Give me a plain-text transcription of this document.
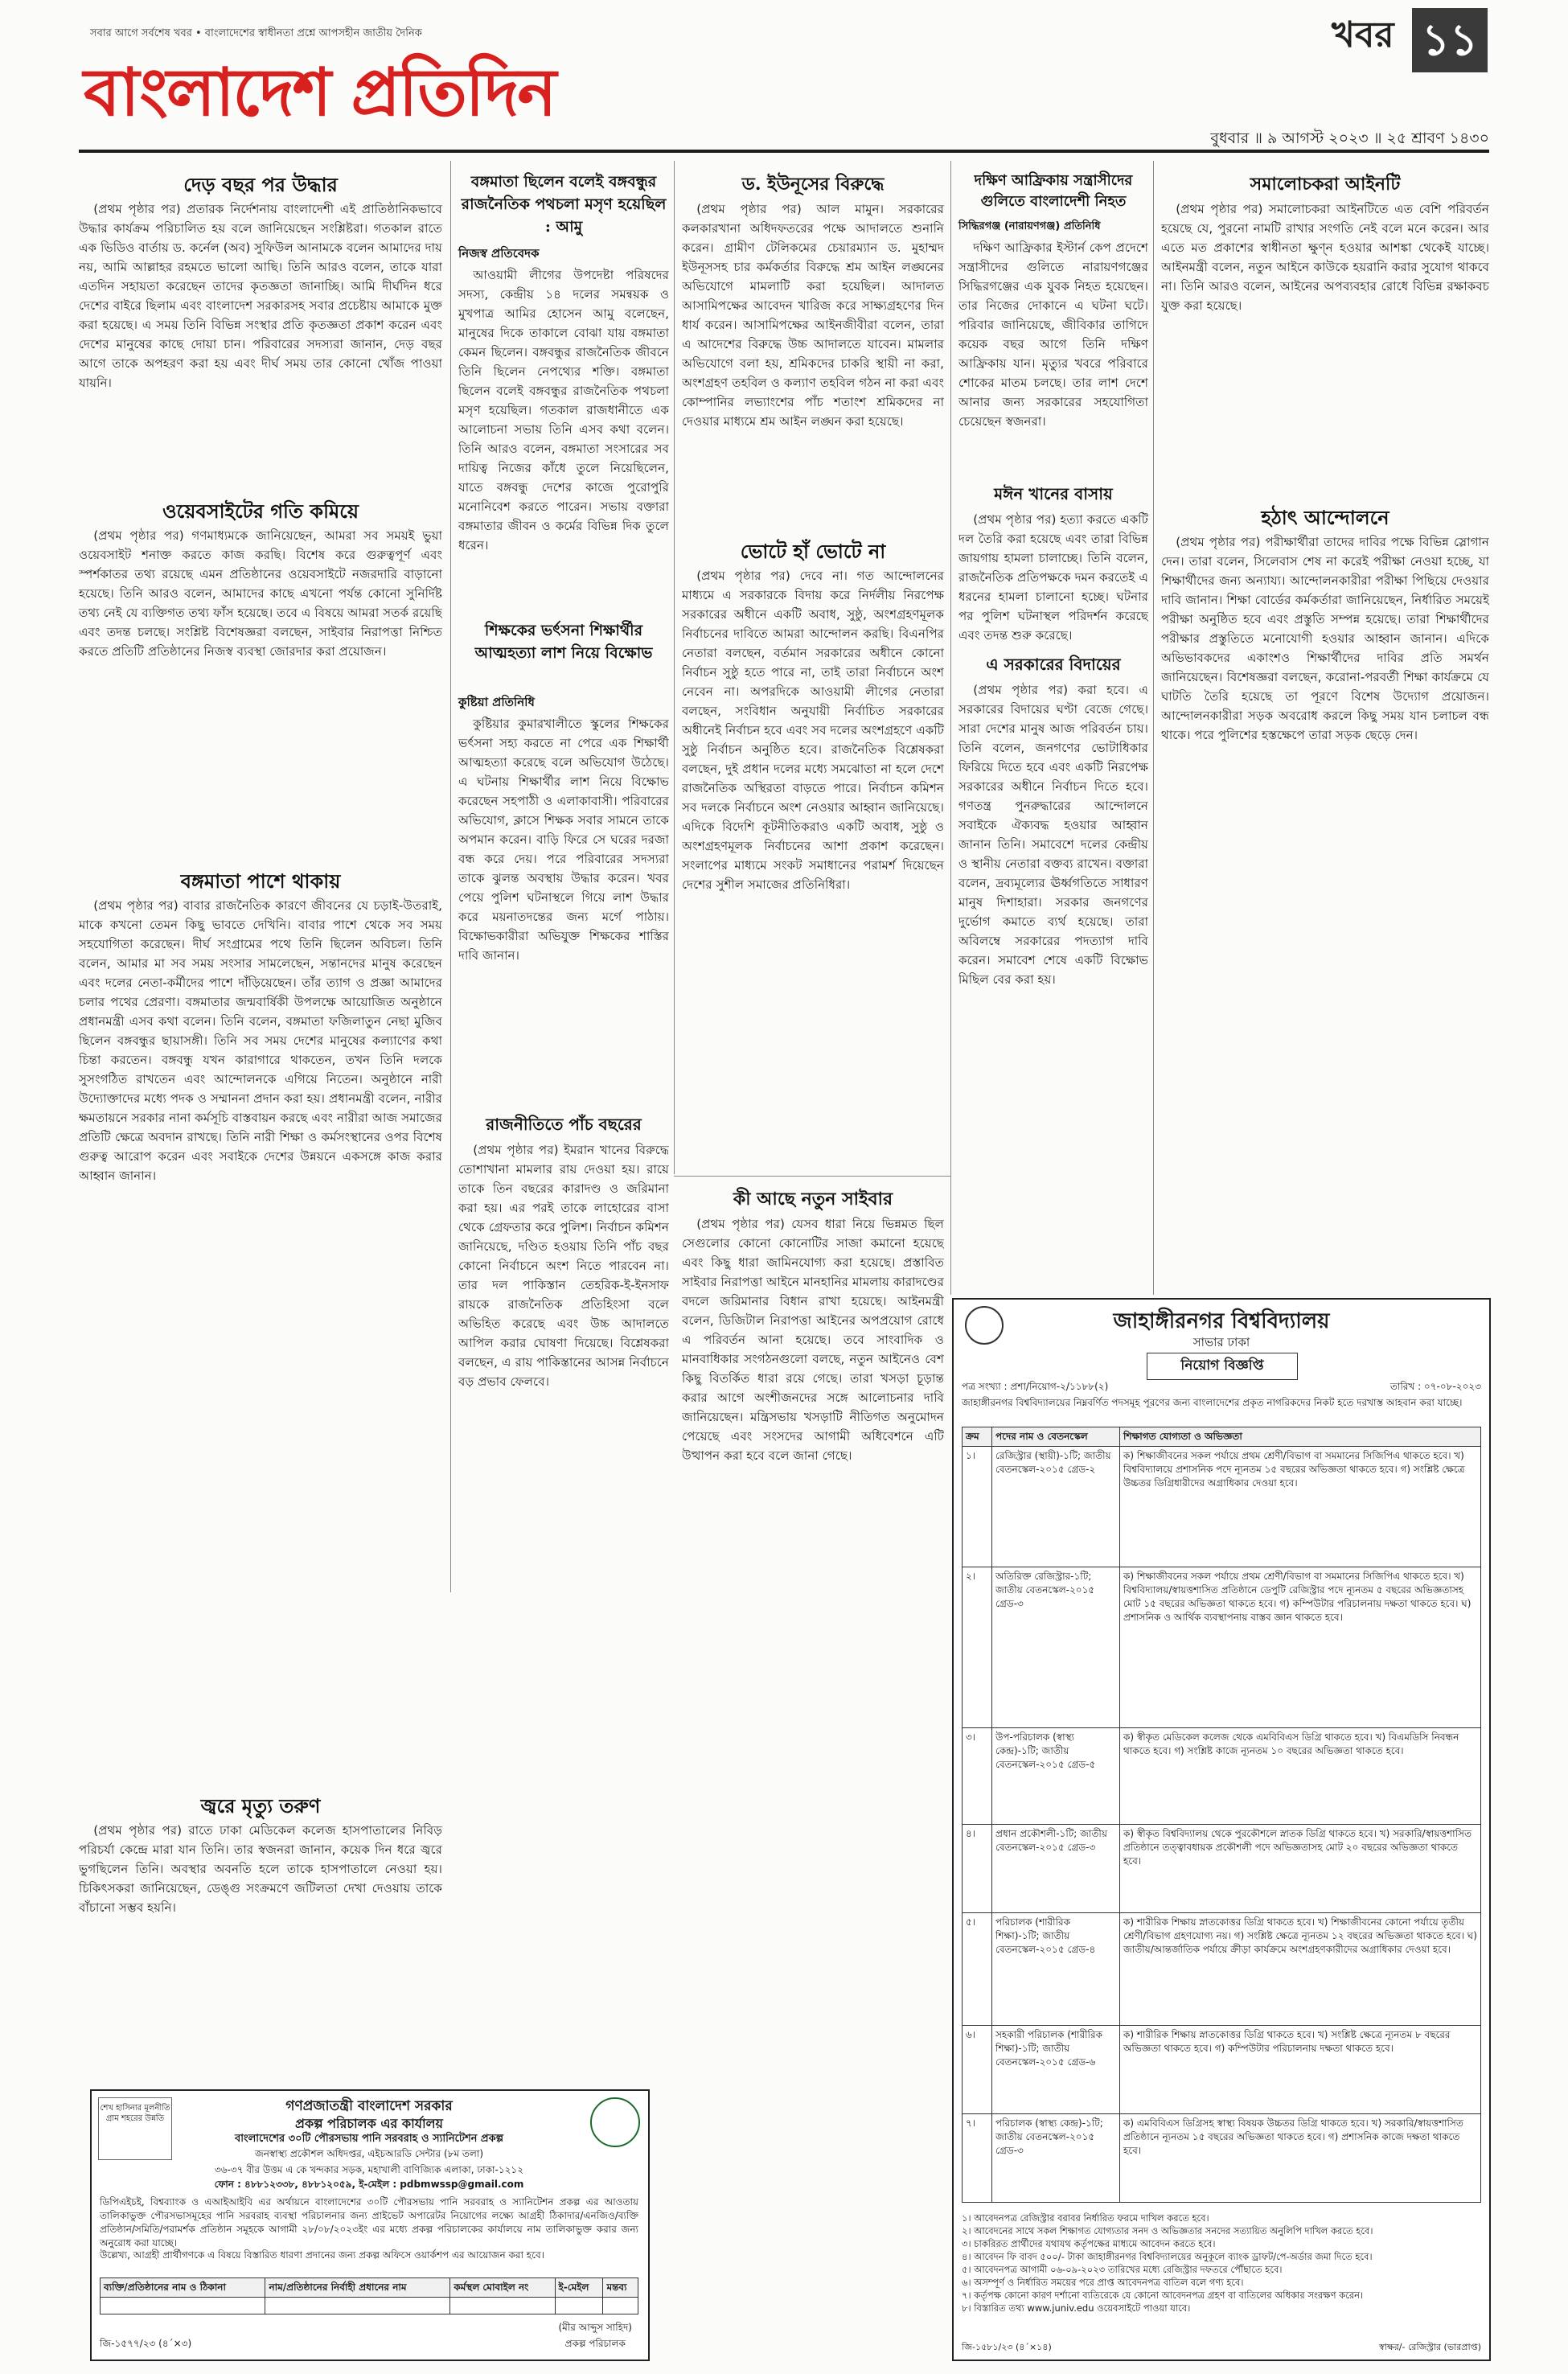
সবার আগে সর্বশেষ খবর • বাংলাদেশের স্বাধীনতা প্রশ্নে আপসহীন জাতীয় দৈনিক
বাংলাদেশ প্রতিদিন
খবর ১১
বুধবার ॥ ৯ আগস্ট ২০২৩ ॥ ২৫ শ্রাবণ ১৪৩০
দেড় বছর পর উদ্ধার

(প্রথম পৃষ্ঠার পর) প্রতারক নির্দেশনায় বাংলাদেশী এই প্রাতিষ্ঠানিকভাবে উদ্ধার কার্যক্রম পরিচালিত হয় বলে জানিয়েছেন সংশ্লিষ্টরা। গতকাল রাতে এক ভিডিও বার্তায় ড. কর্নেল (অব) সুফিউল আনামকে বলেন আমাদের দায় নয়, আমি আল্লাহর রহমতে ভালো আছি। তিনি আরও বলেন, তাকে যারা এতদিন সহায়তা করেছেন তাদের কৃতজ্ঞতা জানাচ্ছি। আমি দীর্ঘদিন ধরে দেশের বাইরে ছিলাম এবং বাংলাদেশ সরকারসহ সবার প্রচেষ্টায় আমাকে মুক্ত করা হয়েছে। এ সময় তিনি বিভিন্ন সংস্থার প্রতি কৃতজ্ঞতা প্রকাশ করেন এবং দেশের মানুষের কাছে দোয়া চান। পরিবারের সদস্যরা জানান, দেড় বছর আগে তাকে অপহরণ করা হয় এবং দীর্ঘ সময় তার কোনো খোঁজ পাওয়া যায়নি।

ওয়েবসাইটের গতি কমিয়ে

(প্রথম পৃষ্ঠার পর) গণমাধ্যমকে জানিয়েছেন, আমরা সব সময়ই ভুয়া ওয়েবসাইট শনাক্ত করতে কাজ করছি। বিশেষ করে গুরুত্বপূর্ণ এবং স্পর্শকাতর তথ্য রয়েছে এমন প্রতিষ্ঠানের ওয়েবসাইটে নজরদারি বাড়ানো হয়েছে। তিনি আরও বলেন, আমাদের কাছে এখনো পর্যন্ত কোনো সুনির্দিষ্ট তথ্য নেই যে ব্যক্তিগত তথ্য ফাঁস হয়েছে। তবে এ বিষয়ে আমরা সতর্ক রয়েছি এবং তদন্ত চলছে। সংশ্লিষ্ট বিশেষজ্ঞরা বলছেন, সাইবার নিরাপত্তা নিশ্চিত করতে প্রতিটি প্রতিষ্ঠানের নিজস্ব ব্যবস্থা জোরদার করা প্রয়োজন।

বঙ্গমাতা পাশে থাকায়

(প্রথম পৃষ্ঠার পর) বাবার রাজনৈতিক কারণে জীবনের যে চড়াই-উতরাই, মাকে কখনো তেমন কিছু ভাবতে দেখিনি। বাবার পাশে থেকে সব সময় সহযোগিতা করেছেন। দীর্ঘ সংগ্রামের পথে তিনি ছিলেন অবিচল। তিনি বলেন, আমার মা সব সময় সংসার সামলেছেন, সন্তানদের মানুষ করেছেন এবং দলের নেতা-কর্মীদের পাশে দাঁড়িয়েছেন। তাঁর ত্যাগ ও প্রজ্ঞা আমাদের চলার পথের প্রেরণা। বঙ্গমাতার জন্মবার্ষিকী উপলক্ষে আয়োজিত অনুষ্ঠানে প্রধানমন্ত্রী এসব কথা বলেন। তিনি বলেন, বঙ্গমাতা ফজিলাতুন নেছা মুজিব ছিলেন বঙ্গবন্ধুর ছায়াসঙ্গী। তিনি সব সময় দেশের মানুষের কল্যাণের কথা চিন্তা করতেন। বঙ্গবন্ধু যখন কারাগারে থাকতেন, তখন তিনি দলকে সুসংগঠিত রাখতেন এবং আন্দোলনকে এগিয়ে নিতেন। অনুষ্ঠানে নারী উদ্যোক্তাদের মধ্যে পদক ও সম্মাননা প্রদান করা হয়। প্রধানমন্ত্রী বলেন, নারীর ক্ষমতায়নে সরকার নানা কর্মসূচি বাস্তবায়ন করছে এবং নারীরা আজ সমাজের প্রতিটি ক্ষেত্রে অবদান রাখছে। তিনি নারী শিক্ষা ও কর্মসংস্থানের ওপর বিশেষ গুরুত্ব আরোপ করেন এবং সবাইকে দেশের উন্নয়নে একসঙ্গে কাজ করার আহ্বান জানান।

জ্বরে মৃত্যু তরুণ

(প্রথম পৃষ্ঠার পর) রাতে ঢাকা মেডিকেল কলেজ হাসপাতালের নিবিড় পরিচর্যা কেন্দ্রে মারা যান তিনি। তার স্বজনরা জানান, কয়েক দিন ধরে জ্বরে ভুগছিলেন তিনি। অবস্থার অবনতি হলে তাকে হাসপাতালে নেওয়া হয়। চিকিৎসকরা জানিয়েছেন, ডেঙ্গু সংক্রমণে জটিলতা দেখা দেওয়ায় তাকে বাঁচানো সম্ভব হয়নি।

বঙ্গমাতা ছিলেন বলেই বঙ্গবন্ধুর রাজনৈতিক পথচলা মসৃণ হয়েছিল : আমু
নিজস্ব প্রতিবেদক

আওয়ামী লীগের উপদেষ্টা পরিষদের সদস্য, কেন্দ্রীয় ১৪ দলের সমন্বয়ক ও মুখপাত্র আমির হোসেন আমু বলেছেন, মানুষের দিকে তাকালে বোঝা যায় বঙ্গমাতা কেমন ছিলেন। বঙ্গবন্ধুর রাজনৈতিক জীবনে তিনি ছিলেন নেপথ্যের শক্তি। বঙ্গমাতা ছিলেন বলেই বঙ্গবন্ধুর রাজনৈতিক পথচলা মসৃণ হয়েছিল। গতকাল রাজধানীতে এক আলোচনা সভায় তিনি এসব কথা বলেন। তিনি আরও বলেন, বঙ্গমাতা সংসারের সব দায়িত্ব নিজের কাঁধে তুলে নিয়েছিলেন, যাতে বঙ্গবন্ধু দেশের কাজে পুরোপুরি মনোনিবেশ করতে পারেন। সভায় বক্তারা বঙ্গমাতার জীবন ও কর্মের বিভিন্ন দিক তুলে ধরেন।

শিক্ষকের ভর্ৎসনা শিক্ষার্থীর আত্মহত্যা লাশ নিয়ে বিক্ষোভ
কুষ্টিয়া প্রতিনিধি

কুষ্টিয়ার কুমারখালীতে স্কুলের শিক্ষকের ভর্ৎসনা সহ্য করতে না পেরে এক শিক্ষার্থী আত্মহত্যা করেছে বলে অভিযোগ উঠেছে। এ ঘটনায় শিক্ষার্থীর লাশ নিয়ে বিক্ষোভ করেছেন সহপাঠী ও এলাকাবাসী। পরিবারের অভিযোগ, ক্লাসে শিক্ষক সবার সামনে তাকে অপমান করেন। বাড়ি ফিরে সে ঘরের দরজা বন্ধ করে দেয়। পরে পরিবারের সদস্যরা তাকে ঝুলন্ত অবস্থায় উদ্ধার করেন। খবর পেয়ে পুলিশ ঘটনাস্থলে গিয়ে লাশ উদ্ধার করে ময়নাতদন্তের জন্য মর্গে পাঠায়। বিক্ষোভকারীরা অভিযুক্ত শিক্ষকের শাস্তির দাবি জানান।

রাজনীতিতে পাঁচ বছরের

(প্রথম পৃষ্ঠার পর) ইমরান খানের বিরুদ্ধে তোশাখানা মামলার রায় দেওয়া হয়। রায়ে তাকে তিন বছরের কারাদণ্ড ও জরিমানা করা হয়। এর পরই তাকে লাহোরের বাসা থেকে গ্রেফতার করে পুলিশ। নির্বাচন কমিশন জানিয়েছে, দণ্ডিত হওয়ায় তিনি পাঁচ বছর কোনো নির্বাচনে অংশ নিতে পারবেন না। তার দল পাকিস্তান তেহরিক-ই-ইনসাফ রায়কে রাজনৈতিক প্রতিহিংসা বলে অভিহিত করেছে এবং উচ্চ আদালতে আপিল করার ঘোষণা দিয়েছে। বিশ্লেষকরা বলছেন, এ রায় পাকিস্তানের আসন্ন নির্বাচনে বড় প্রভাব ফেলবে।

ড. ইউনূসের বিরুদ্ধে

(প্রথম পৃষ্ঠার পর) আল মামুন। সরকারের কলকারখানা অধিদফতরের পক্ষে আদালতে শুনানি করেন। গ্রামীণ টেলিকমের চেয়ারম্যান ড. মুহাম্মদ ইউনূসসহ চার কর্মকর্তার বিরুদ্ধে শ্রম আইন লঙ্ঘনের অভিযোগে মামলাটি করা হয়েছিল। আদালত আসামিপক্ষের আবেদন খারিজ করে সাক্ষ্যগ্রহণের দিন ধার্য করেন। আসামিপক্ষের আইনজীবীরা বলেন, তারা এ আদেশের বিরুদ্ধে উচ্চ আদালতে যাবেন। মামলার অভিযোগে বলা হয়, শ্রমিকদের চাকরি স্থায়ী না করা, অংশগ্রহণ তহবিল ও কল্যাণ তহবিল গঠন না করা এবং কোম্পানির লভ্যাংশের পাঁচ শতাংশ শ্রমিকদের না দেওয়ার মাধ্যমে শ্রম আইন লঙ্ঘন করা হয়েছে।

ভোটে হাঁ ভোটে না

(প্রথম পৃষ্ঠার পর) দেবে না। গত আন্দোলনের মাধ্যমে এ সরকারকে বিদায় করে নির্দলীয় নিরপেক্ষ সরকারের অধীনে একটি অবাধ, সুষ্ঠু, অংশগ্রহণমূলক নির্বাচনের দাবিতে আমরা আন্দোলন করছি। বিএনপির নেতারা বলছেন, বর্তমান সরকারের অধীনে কোনো নির্বাচন সুষ্ঠু হতে পারে না, তাই তারা নির্বাচনে অংশ নেবেন না। অপরদিকে আওয়ামী লীগের নেতারা বলছেন, সংবিধান অনুযায়ী নির্বাচিত সরকারের অধীনেই নির্বাচন হবে এবং সব দলের অংশগ্রহণে একটি সুষ্ঠু নির্বাচন অনুষ্ঠিত হবে। রাজনৈতিক বিশ্লেষকরা বলছেন, দুই প্রধান দলের মধ্যে সমঝোতা না হলে দেশে রাজনৈতিক অস্থিরতা বাড়তে পারে। নির্বাচন কমিশন সব দলকে নির্বাচনে অংশ নেওয়ার আহ্বান জানিয়েছে। এদিকে বিদেশি কূটনীতিকরাও একটি অবাধ, সুষ্ঠু ও অংশগ্রহণমূলক নির্বাচনের আশা প্রকাশ করেছেন। সংলাপের মাধ্যমে সংকট সমাধানের পরামর্শ দিয়েছেন দেশের সুশীল সমাজের প্রতিনিধিরা।

কী আছে নতুন সাইবার

(প্রথম পৃষ্ঠার পর) যেসব ধারা নিয়ে ভিন্নমত ছিল সেগুলোর কোনো কোনোটির সাজা কমানো হয়েছে এবং কিছু ধারা জামিনযোগ্য করা হয়েছে। প্রস্তাবিত সাইবার নিরাপত্তা আইনে মানহানির মামলায় কারাদণ্ডের বদলে জরিমানার বিধান রাখা হয়েছে। আইনমন্ত্রী বলেন, ডিজিটাল নিরাপত্তা আইনের অপপ্রয়োগ রোধে এ পরিবর্তন আনা হয়েছে। তবে সাংবাদিক ও মানবাধিকার সংগঠনগুলো বলছে, নতুন আইনেও বেশ কিছু বিতর্কিত ধারা রয়ে গেছে। তারা খসড়া চূড়ান্ত করার আগে অংশীজনদের সঙ্গে আলোচনার দাবি জানিয়েছেন। মন্ত্রিসভায় খসড়াটি নীতিগত অনুমোদন পেয়েছে এবং সংসদের আগামী অধিবেশনে এটি উত্থাপন করা হবে বলে জানা গেছে।

দক্ষিণ আফ্রিকায় সন্ত্রাসীদের গুলিতে বাংলাদেশী নিহত
সিদ্ধিরগঞ্জ (নারায়ণগঞ্জ) প্রতিনিধি

দক্ষিণ আফ্রিকার ইস্টার্ন কেপ প্রদেশে সন্ত্রাসীদের গুলিতে নারায়ণগঞ্জের সিদ্ধিরগঞ্জের এক যুবক নিহত হয়েছেন। তার নিজের দোকানে এ ঘটনা ঘটে। পরিবার জানিয়েছে, জীবিকার তাগিদে কয়েক বছর আগে তিনি দক্ষিণ আফ্রিকায় যান। মৃত্যুর খবরে পরিবারে শোকের মাতম চলছে। তার লাশ দেশে আনার জন্য সরকারের সহযোগিতা চেয়েছেন স্বজনরা।

মঈন খানের বাসায়

(প্রথম পৃষ্ঠার পর) হত্যা করতে একটি দল তৈরি করা হয়েছে এবং তারা বিভিন্ন জায়গায় হামলা চালাচ্ছে। তিনি বলেন, রাজনৈতিক প্রতিপক্ষকে দমন করতেই এ ধরনের হামলা চালানো হচ্ছে। ঘটনার পর পুলিশ ঘটনাস্থল পরিদর্শন করেছে এবং তদন্ত শুরু করেছে।

এ সরকারের বিদায়ের

(প্রথম পৃষ্ঠার পর) করা হবে। এ সরকারের বিদায়ের ঘণ্টা বেজে গেছে। সারা দেশের মানুষ আজ পরিবর্তন চায়। তিনি বলেন, জনগণের ভোটাধিকার ফিরিয়ে দিতে হবে এবং একটি নিরপেক্ষ সরকারের অধীনে নির্বাচন দিতে হবে। গণতন্ত্র পুনরুদ্ধারের আন্দোলনে সবাইকে ঐক্যবদ্ধ হওয়ার আহ্বান জানান তিনি। সমাবেশে দলের কেন্দ্রীয় ও স্থানীয় নেতারা বক্তব্য রাখেন। বক্তারা বলেন, দ্রব্যমূল্যের ঊর্ধ্বগতিতে সাধারণ মানুষ দিশাহারা। সরকার জনগণের দুর্ভোগ কমাতে ব্যর্থ হয়েছে। তারা অবিলম্বে সরকারের পদত্যাগ দাবি করেন। সমাবেশ শেষে একটি বিক্ষোভ মিছিল বের করা হয়।

সমালোচকরা আইনটি

(প্রথম পৃষ্ঠার পর) সমালোচকরা আইনটিতে এত বেশি পরিবর্তন হয়েছে যে, পুরনো নামটি রাখার সংগতি নেই বলে মনে করেন। আর এতে মত প্রকাশের স্বাধীনতা ক্ষুণ্ন হওয়ার আশঙ্কা থেকেই যাচ্ছে। আইনমন্ত্রী বলেন, নতুন আইনে কাউকে হয়রানি করার সুযোগ থাকবে না। তিনি আরও বলেন, আইনের অপব্যবহার রোধে বিভিন্ন রক্ষাকবচ যুক্ত করা হয়েছে।

হঠাৎ আন্দোলনে

(প্রথম পৃষ্ঠার পর) পরীক্ষার্থীরা তাদের দাবির পক্ষে বিভিন্ন স্লোগান দেন। তারা বলেন, সিলেবাস শেষ না করেই পরীক্ষা নেওয়া হচ্ছে, যা শিক্ষার্থীদের জন্য অন্যায্য। আন্দোলনকারীরা পরীক্ষা পিছিয়ে দেওয়ার দাবি জানান। শিক্ষা বোর্ডের কর্মকর্তারা জানিয়েছেন, নির্ধারিত সময়েই পরীক্ষা অনুষ্ঠিত হবে এবং প্রস্তুতি সম্পন্ন হয়েছে। তারা শিক্ষার্থীদের পরীক্ষার প্রস্তুতিতে মনোযোগী হওয়ার আহ্বান জানান। এদিকে অভিভাবকদের একাংশও শিক্ষার্থীদের দাবির প্রতি সমর্থন জানিয়েছেন। বিশেষজ্ঞরা বলছেন, করোনা-পরবর্তী শিক্ষা কার্যক্রমে যে ঘাটতি তৈরি হয়েছে তা পূরণে বিশেষ উদ্যোগ প্রয়োজন। আন্দোলনকারীরা সড়ক অবরোধ করলে কিছু সময় যান চলাচল বন্ধ থাকে। পরে পুলিশের হস্তক্ষেপে তারা সড়ক ছেড়ে দেন।

শেখ হাসিনার মূলনীতি গ্রাম শহরের উন্নতি
গণপ্রজাতন্ত্রী বাংলাদেশ সরকার
প্রকল্প পরিচালক এর কার্যালয়
বাংলাদেশের ৩০টি পৌরসভায় পানি সরবরাহ ও স্যানিটেশন প্রকল্প
জনস্বাস্থ্য প্রকৌশল অধিদপ্তর, এইচআরডি সেন্টার (৮ম তলা)
৩৬-৩৭ বীর উত্তম এ কে খন্দকার সড়ক, মহাখালী বাণিজ্যিক এলাকা, ঢাকা-১২১২
ফোন : ৪৮৮১২৩৩৮, ৪৮৮১২০৫৯, ই-মেইল : pdbmwssp@gmail.com
ডিপিএইচই, বিশ্বব্যাংক ও এআইআইবি এর অর্থায়নে বাংলাদেশের ৩০টি পৌরসভায় পানি সরবরাহ ও স্যানিটেশন প্রকল্প এর আওতায় তালিকাভুক্ত পৌরসভাসমূহের পানি সরবরাহ ব্যবস্থা পরিচালনার জন্য প্রাইভেট অপারেটর নিয়োগের লক্ষ্যে আগ্রহী ঠিকাদার/এনজিও/ব্যক্তি প্রতিষ্ঠান/সমিতি/পরামর্শক প্রতিষ্ঠান সমূহকে আগামী ২৮/০৮/২০২৩ইং এর মধ্যে প্রকল্প পরিচালকের কার্যালয়ে নাম তালিকাভুক্ত করার জন্য অনুরোধ করা যাচ্ছে।
উল্লেখ্য, আগ্রহী প্রার্থীগণকে এ বিষয়ে বিস্তারিত ধারণা প্রদানের জন্য প্রকল্প অফিসে ওয়ার্কশপ এর আয়োজন করা হবে।
ব্যক্তি/প্রতিষ্ঠানের নাম ও ঠিকানা	নাম/প্রতিষ্ঠানের নির্বাহী প্রধানের নাম	কর্মস্থল মোবাইল নং	ই-মেইল	মন্তব্য

জি-১৫৭৭/২৩ (৪´×৩)
(মীর আব্দুস সাহিদ)
প্রকল্প পরিচালক
জাহাঙ্গীরনগর বিশ্ববিদ্যালয়
সাভার ঢাকা
নিয়োগ বিজ্ঞপ্তি
পত্র সংখ্যা : প্রশা/নিয়োগ-২/১১৮৮(২)	তারিখ : ০৭-০৮-২০২৩
জাহাঙ্গীরনগর বিশ্ববিদ্যালয়ের নিম্নবর্ণিত পদসমূহ পূরণের জন্য বাংলাদেশের প্রকৃত নাগরিকদের নিকট হতে দরখাস্ত আহবান করা যাচ্ছে।
ক্রম	পদের নাম ও বেতনস্কেল	শিক্ষাগত যোগ্যতা ও অভিজ্ঞতা
১।	রেজিস্ট্রার (স্থায়ী)-১টি; জাতীয় বেতনস্কেল-২০১৫ গ্রেড-২	ক) শিক্ষাজীবনের সকল পর্যায়ে প্রথম শ্রেণী/বিভাগ বা সমমানের সিজিপিএ থাকতে হবে। খ) বিশ্ববিদ্যালয়ে প্রশাসনিক পদে ন্যূনতম ১৫ বছরের অভিজ্ঞতা থাকতে হবে। গ) সংশ্লিষ্ট ক্ষেত্রে উচ্চতর ডিগ্রিধারীদের অগ্রাধিকার দেওয়া হবে।
২।	অতিরিক্ত রেজিস্ট্রার-১টি; জাতীয় বেতনস্কেল-২০১৫ গ্রেড-৩	ক) শিক্ষাজীবনের সকল পর্যায়ে প্রথম শ্রেণী/বিভাগ বা সমমানের সিজিপিএ থাকতে হবে। খ) বিশ্ববিদ্যালয়/স্বায়ত্তশাসিত প্রতিষ্ঠানে ডেপুটি রেজিস্ট্রার পদে ন্যূনতম ৫ বছরের অভিজ্ঞতাসহ মোট ১৫ বছরের অভিজ্ঞতা থাকতে হবে। গ) কম্পিউটার পরিচালনায় দক্ষতা থাকতে হবে। ঘ) প্রশাসনিক ও আর্থিক ব্যবস্থাপনায় বাস্তব জ্ঞান থাকতে হবে।
৩।	উপ-পরিচালক (স্বাস্থ্য কেন্দ্র)-১টি; জাতীয় বেতনস্কেল-২০১৫ গ্রেড-৫	ক) স্বীকৃত মেডিকেল কলেজ থেকে এমবিবিএস ডিগ্রি থাকতে হবে। খ) বিএমডিসি নিবন্ধন থাকতে হবে। গ) সংশ্লিষ্ট কাজে ন্যূনতম ১০ বছরের অভিজ্ঞতা থাকতে হবে।
৪।	প্রধান প্রকৌশলী-১টি; জাতীয় বেতনস্কেল-২০১৫ গ্রেড-৩	ক) স্বীকৃত বিশ্ববিদ্যালয় থেকে পুরকৌশলে স্নাতক ডিগ্রি থাকতে হবে। খ) সরকারি/স্বায়ত্তশাসিত প্রতিষ্ঠানে তত্ত্বাবধায়ক প্রকৌশলী পদে অভিজ্ঞতাসহ মোট ২০ বছরের অভিজ্ঞতা থাকতে হবে।
৫।	পরিচালক (শারীরিক শিক্ষা)-১টি; জাতীয় বেতনস্কেল-২০১৫ গ্রেড-৪	ক) শারীরিক শিক্ষায় স্নাতকোত্তর ডিগ্রি থাকতে হবে। খ) শিক্ষাজীবনের কোনো পর্যায়ে তৃতীয় শ্রেণী/বিভাগ গ্রহণযোগ্য নয়। গ) সংশ্লিষ্ট ক্ষেত্রে ন্যূনতম ১২ বছরের অভিজ্ঞতা থাকতে হবে। ঘ) জাতীয়/আন্তর্জাতিক পর্যায়ে ক্রীড়া কার্যক্রমে অংশগ্রহণকারীদের অগ্রাধিকার দেওয়া হবে।
৬।	সহকারী পরিচালক (শারীরিক শিক্ষা)-১টি; জাতীয় বেতনস্কেল-২০১৫ গ্রেড-৬	ক) শারীরিক শিক্ষায় স্নাতকোত্তর ডিগ্রি থাকতে হবে। খ) সংশ্লিষ্ট ক্ষেত্রে ন্যূনতম ৮ বছরের অভিজ্ঞতা থাকতে হবে। গ) কম্পিউটার পরিচালনায় দক্ষতা থাকতে হবে।
৭।	পরিচালক (স্বাস্থ্য কেন্দ্র)-১টি; জাতীয় বেতনস্কেল-২০১৫ গ্রেড-৩	ক) এমবিবিএস ডিগ্রিসহ স্বাস্থ্য বিষয়ক উচ্চতর ডিগ্রি থাকতে হবে। খ) সরকারি/স্বায়ত্তশাসিত প্রতিষ্ঠানে ন্যূনতম ১৫ বছরের অভিজ্ঞতা থাকতে হবে। গ) প্রশাসনিক কাজে দক্ষতা থাকতে হবে।
১। আবেদনপত্র রেজিস্ট্রার বরাবর নির্ধারিত ফরমে দাখিল করতে হবে।
২। আবেদনের সাথে সকল শিক্ষাগত যোগ্যতার সনদ ও অভিজ্ঞতার সনদের সত্যায়িত অনুলিপি দাখিল করতে হবে।
৩। চাকরিরত প্রার্থীদের যথাযথ কর্তৃপক্ষের মাধ্যমে আবেদন করতে হবে।
৪। আবেদন ফি বাবদ ৫০০/- টাকা জাহাঙ্গীরনগর বিশ্ববিদ্যালয়ের অনুকূলে ব্যাংক ড্রাফট/পে-অর্ডার জমা দিতে হবে।
৫। আবেদনপত্র আগামী ০৬-০৯-২০২৩ তারিখের মধ্যে রেজিস্ট্রার দফতরে পৌঁছাতে হবে।
৬। অসম্পূর্ণ ও নির্ধারিত সময়ের পরে প্রাপ্ত আবেদনপত্র বাতিল বলে গণ্য হবে।
৭। কর্তৃপক্ষ কোনো কারণ দর্শানো ব্যতিরেকে যে কোনো আবেদনপত্র গ্রহণ বা বাতিলের অধিকার সংরক্ষণ করেন।
৮। বিস্তারিত তথ্য www.juniv.edu ওয়েবসাইটে পাওয়া যাবে।
জি-১৫৮১/২৩ (৪´×১৪)	স্বাক্ষর/- রেজিস্ট্রার (ভারপ্রাপ্ত)
